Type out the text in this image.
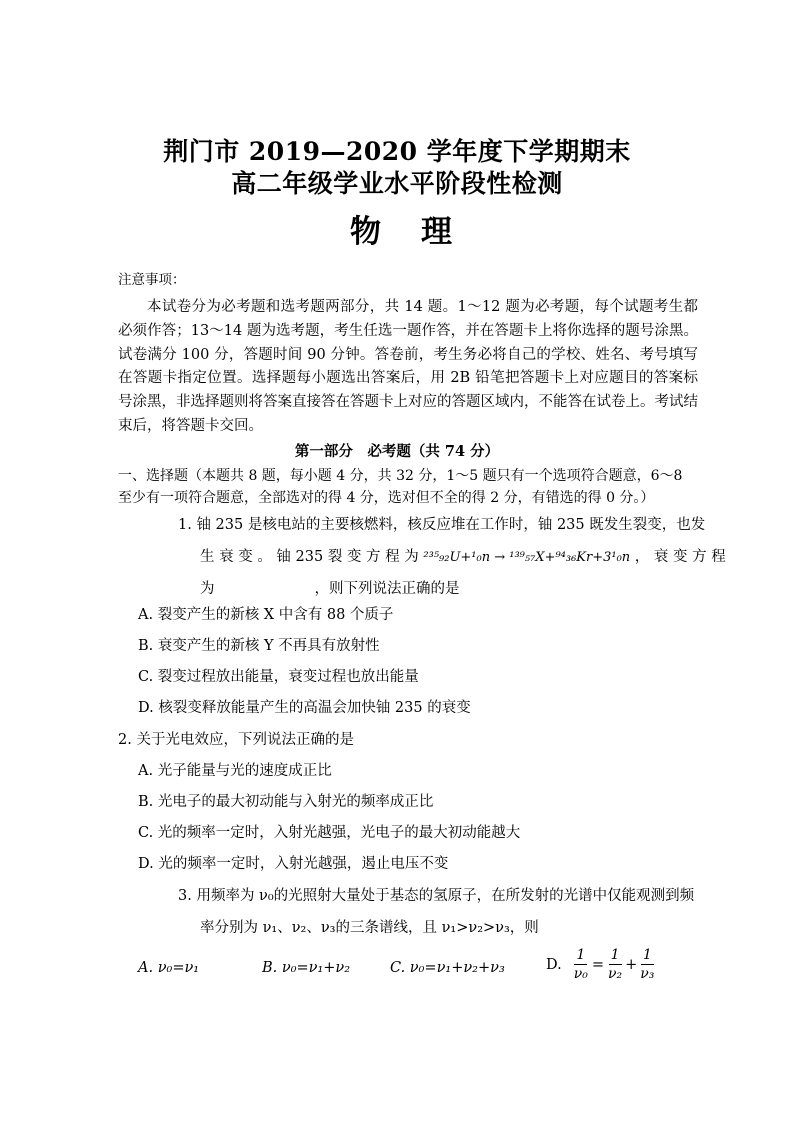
荆门市 2019—2020 学年度下学期期末
高二年级学业水平阶段性检测
物理
注意事项：
本试卷分为必考题和选考题两部分，共 14 题。1～12 题为必考题，每个试题考生都必须作答；13～14 题为选考题，考生任选一题作答，并在答题卡上将你选择的题号涂黑。试卷满分 100 分，答题时间 90 分钟。答卷前，考生务必将自己的学校、姓名、考号填写在答题卡指定位置。选择题每小题选出答案后，用 2B 铅笔把答题卡上对应题目的答案标号涂黑，非选择题则将答案直接答在答题卡上对应的答题区域内，不能答在试卷上。考试结束后，将答题卡交回。
第一部分　必考题（共 74 分）
一、选择题（本题共 8 题，每小题 4 分，共 32 分，1～5 题只有一个选项符合题意，6～8 至少有一项符合题意，全部选对的得 4 分，选对但不全的得 2 分，有错选的得 0 分。）
1. 铀 235 是核电站的主要核燃料，核反应堆在工作时，铀 235 既发生裂变，也发
生 衰 变 。 铀 235 裂 变 方 程 为 ²³⁵₉₂U+¹₀n → ¹³⁹₅₇X+⁹⁴₃₆Kr+3¹₀n ， 衰 变 方 程
为	，则下列说法正确的是
A. 裂变产生的新核 X 中含有 88 个质子
B. 衰变产生的新核 Y 不再具有放射性
C. 裂变过程放出能量，衰变过程也放出能量
D. 核裂变释放能量产生的高温会加快铀 235 的衰变
2. 关于光电效应，下列说法正确的是
A. 光子能量与光的速度成正比
B. 光电子的最大初动能与入射光的频率成正比
C. 光的频率一定时，入射光越强，光电子的最大初动能越大
D. 光的频率一定时，入射光越强，遏止电压不变
3. 用频率为 ν₀的光照射大量处于基态的氢原子，在所发射的光谱中仅能观测到频
率分别为 ν₁、ν₂、ν₃的三条谱线，且 ν₁>ν₂>ν₃，则
A. ν₀=ν₁	B. ν₀=ν₁+ν₂	C. ν₀=ν₁+ν₂+ν₃	D. $\frac{1}{\text{ν₀}} = \frac{1}{\text{ν₂}} + \frac{1}{\text{ν₃}}$
